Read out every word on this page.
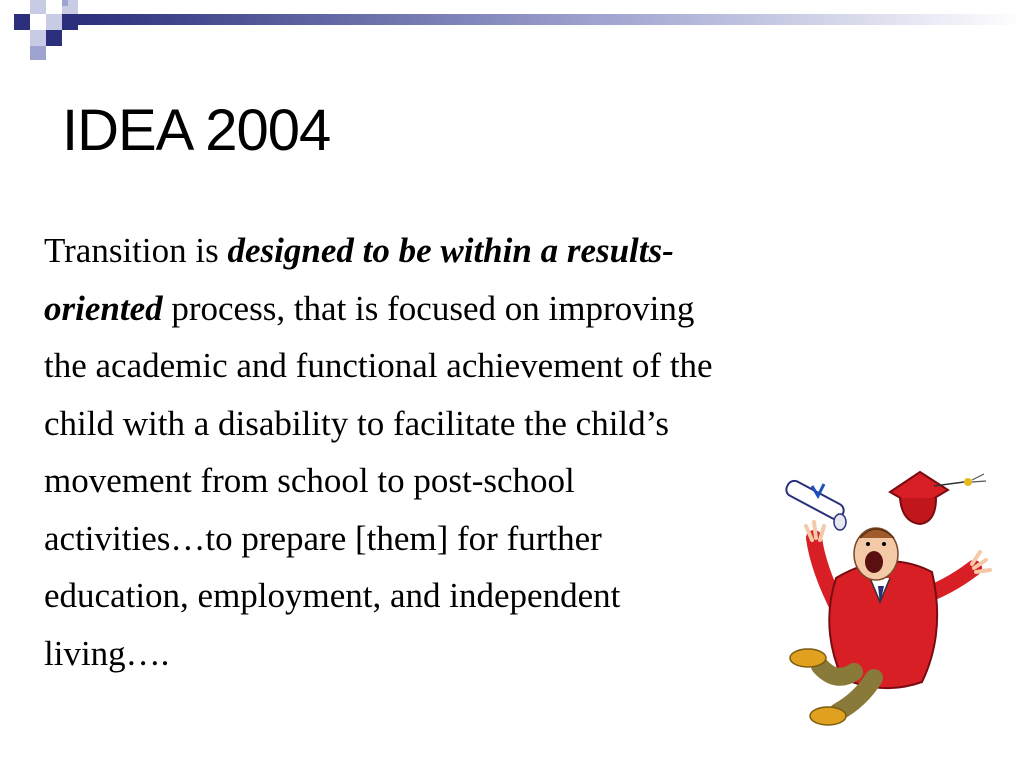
IDEA 2004
Transition is designed to be within a results-
oriented process, that is focused on improving
the academic and functional achievement of the
child with a disability to facilitate the child’s
movement from school to post-school
activities…to prepare [them] for further
education, employment, and independent
living….
